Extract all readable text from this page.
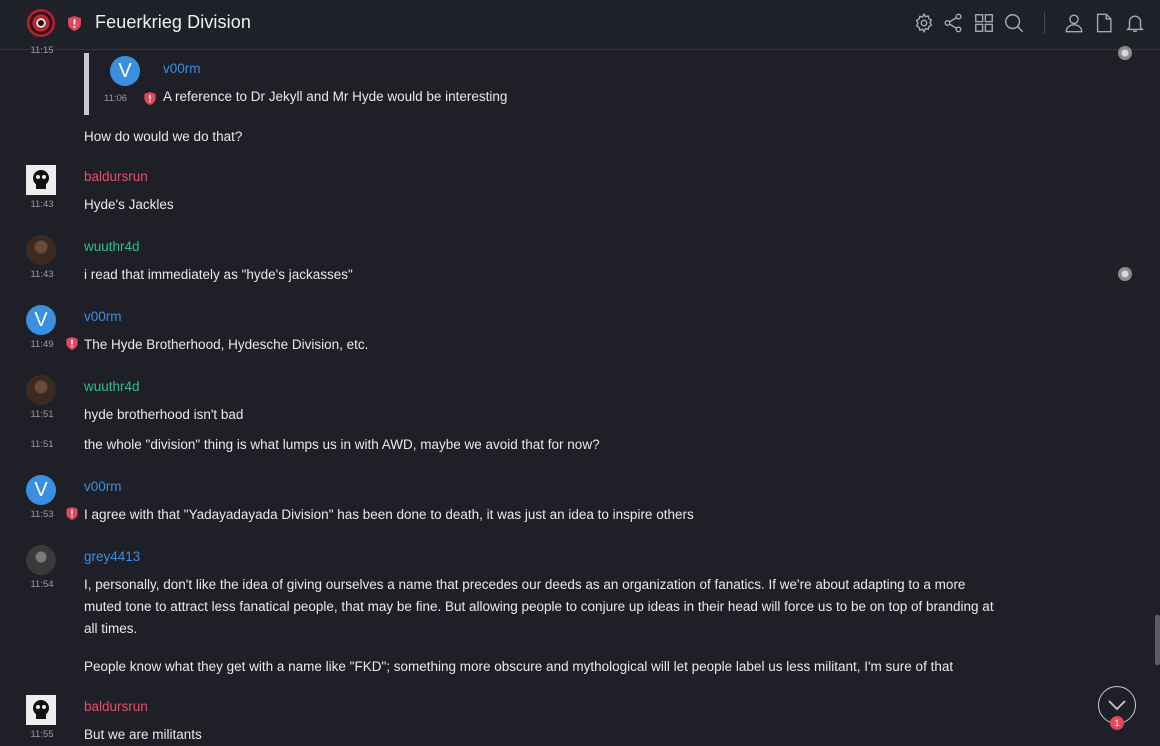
Feuerkrieg Division
11:15
V	v00rm
11:06	A reference to Dr Jekyll and Mr Hyde would be interesting
How do would we do that?
baldursrun
11:43	Hyde's Jackles
wuuthr4d
11:43	i read that immediately as "hyde's jackasses"
V	v00rm
11:49	The Hyde Brotherhood, Hydesche Division, etc.
wuuthr4d
11:51	hyde brotherhood isn't bad
11:51	the whole "division" thing is what lumps us in with AWD, maybe we avoid that for now?
V	v00rm
11:53	I agree with that "Yadayadayada Division" has been done to death, it was just an idea to inspire others
grey4413
11:54	I, personally, don't like the idea of giving ourselves a name that precedes our deeds as an organization of fanatics. If we're about adapting to a more muted tone to attract less fanatical people, that may be fine. But allowing people to conjure up ideas in their head will force us to be on top of branding at all times.
People know what they get with a name like "FKD"; something more obscure and mythological will let people label us less militant, I'm sure of that
baldursrun
11:55	But we are militants
1
